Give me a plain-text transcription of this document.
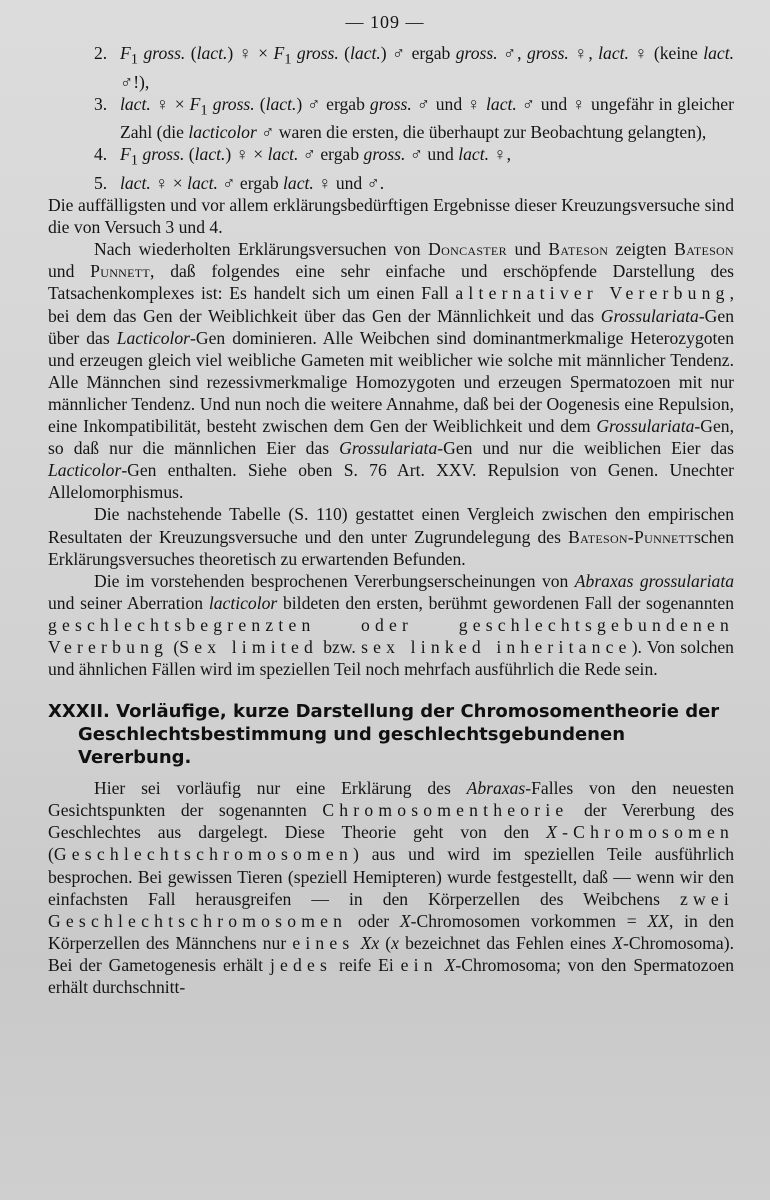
— 109 —
2. $F_1$ gross. (lact.) ♀ × $F_1$ gross. (lact.) ♂ ergab gross. ♂, gross. ♀, lact. ♀ (keine lact. ♂!),
3. lact. ♀ × $F_1$ gross. (lact.) ♂ ergab gross. ♂ und ♀ lact. ♂ und ♀ ungefähr in gleicher Zahl (die lacticolor ♂ waren die ersten, die überhaupt zur Beobachtung gelangten),
4. $F_1$ gross. (lact.) ♀ × lact. ♂ ergab gross. ♂ und lact. ♀,
5. lact. ♀ × lact. ♂ ergab lact. ♀ und ♂.

Die auffälligsten und vor allem erklärungsbedürftigen Ergebnisse dieser Kreuzungsversuche sind die von Versuch 3 und 4.

Nach wiederholten Erklärungsversuchen von Doncaster und Bateson zeigten Bateson und Punnett, daß folgendes eine sehr einfache und erschöpfende Darstellung des Tatsachenkomplexes ist: Es handelt sich um einen Fall alternativer Vererbung, bei dem das Gen der Weiblichkeit über das Gen der Männlichkeit und das Grossulariata-Gen über das Lacticolor-Gen dominieren. Alle Weibchen sind dominantmerkmalige Heterozygoten und erzeugen gleich viel weibliche Gameten mit weiblicher wie solche mit männlicher Tendenz. Alle Männchen sind rezessivmerkmalige Homozygoten und erzeugen Spermatozoen mit nur männlicher Tendenz. Und nun noch die weitere Annahme, daß bei der Oogenesis eine Repulsion, eine Inkompatibilität, besteht zwischen dem Gen der Weiblichkeit und dem Grossulariata-Gen, so daß nur die männlichen Eier das Grossulariata-Gen und nur die weiblichen Eier das Lacticolor-Gen enthalten. Siehe oben S. 76 Art. XXV. Repulsion von Genen. Unechter Allelomorphismus.

Die nachstehende Tabelle (S. 110) gestattet einen Vergleich zwischen den empirischen Resultaten der Kreuzungsversuche und den unter Zugrundelegung des Bateson-Punnettschen Erklärungsversuches theoretisch zu erwartenden Befunden.

Die im vorstehenden besprochenen Vererbungserscheinungen von Abraxas grossulariata und seiner Aberration lacticolor bildeten den ersten, berühmt gewordenen Fall der sogenannten geschlechtsbegrenzten oder geschlechtsgebundenen Vererbung (Sex limited bzw. sex linked inheritance). Von solchen und ähnlichen Fällen wird im speziellen Teil noch mehrfach ausführlich die Rede sein.

XXXII. Vorläufige, kurze Darstellung der Chromosomentheorie der
Geschlechtsbestimmung und geschlechtsgebundenen Vererbung.

Hier sei vorläufig nur eine Erklärung des Abraxas-Falles von den neuesten Gesichtspunkten der sogenannten Chromosomentheorie der Vererbung des Geschlechtes aus dargelegt. Diese Theorie geht von den X-Chromosomen (Geschlechtschromosomen) aus und wird im speziellen Teile ausführlich besprochen. Bei gewissen Tieren (speziell Hemipteren) wurde festgestellt, daß — wenn wir den einfachsten Fall herausgreifen — in den Körperzellen des Weibchens zwei Geschlechtschromosomen oder X-Chromosomen vorkommen = XX, in den Körperzellen des Männchens nur eines Xx (x bezeichnet das Fehlen eines X-Chromosoma). Bei der Gametogenesis erhält jedes reife Ei ein X-Chromosoma; von den Spermatozoen erhält durchschnitt-
